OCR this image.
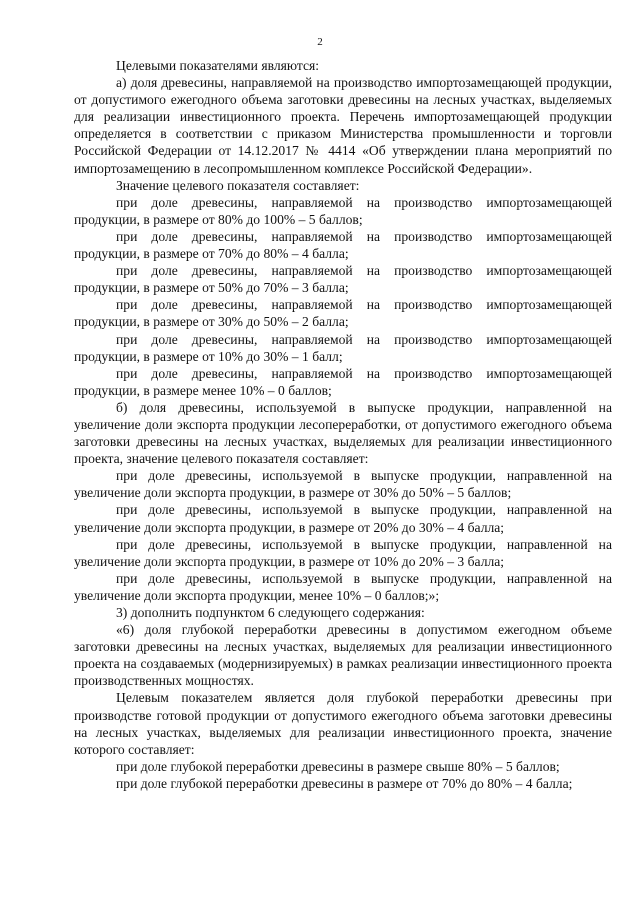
2

Целевыми показателями являются:

а) доля древесины, направляемой на производство импортозамещающей продукции, от допустимого ежегодного объема заготовки древесины на лесных участках, выделяемых для реализации инвестиционного проекта. Перечень импортозамещающей продукции определяется в соответствии с приказом Министерства промышленности и торговли Российской Федерации от 14.12.2017 № 4414 «Об утверждении плана мероприятий по импортозамещению в лесопромышленном комплексе Российской Федерации».

Значение целевого показателя составляет:

при доле древесины, направляемой на производство импортозамещающей продукции, в размере от 80% до 100% – 5 баллов;

при доле древесины, направляемой на производство импортозамещающей продукции, в размере от 70% до 80% – 4 балла;

при доле древесины, направляемой на производство импортозамещающей продукции, в размере от 50% до 70% – 3 балла;

при доле древесины, направляемой на производство импортозамещающей продукции, в размере от 30% до 50% – 2 балла;

при доле древесины, направляемой на производство импортозамещающей продукции, в размере от 10% до 30% – 1 балл;

при доле древесины, направляемой на производство импортозамещающей продукции, в размере менее 10% – 0 баллов;

б) доля древесины, используемой в выпуске продукции, направленной на увеличение доли экспорта продукции лесопереработки, от допустимого ежегодного объема заготовки древесины на лесных участках, выделяемых для реализации инвестиционного проекта, значение целевого показателя составляет:

при доле древесины, используемой в выпуске продукции, направленной на увеличение доли экспорта продукции, в размере от 30% до 50% – 5 баллов;

при доле древесины, используемой в выпуске продукции, направленной на увеличение доли экспорта продукции, в размере от 20% до 30% – 4 балла;

при доле древесины, используемой в выпуске продукции, направленной на увеличение доли экспорта продукции, в размере от 10% до 20% – 3 балла;

при доле древесины, используемой в выпуске продукции, направленной на увеличение доли экспорта продукции, менее 10% – 0 баллов;»;

3) дополнить подпунктом 6 следующего содержания:

«6) доля глубокой переработки древесины в допустимом ежегодном объеме заготовки древесины на лесных участках, выделяемых для реализации инвестиционного проекта на создаваемых (модернизируемых) в рамках реализации инвестиционного проекта производственных мощностях.

Целевым показателем является доля глубокой переработки древесины при производстве готовой продукции от допустимого ежегодного объема заготовки древесины на лесных участках, выделяемых для реализации инвестиционного проекта, значение которого составляет:

при доле глубокой переработки древесины в размере свыше 80% – 5 баллов;

при доле глубокой переработки древесины в размере от 70% до 80% – 4 балла;
